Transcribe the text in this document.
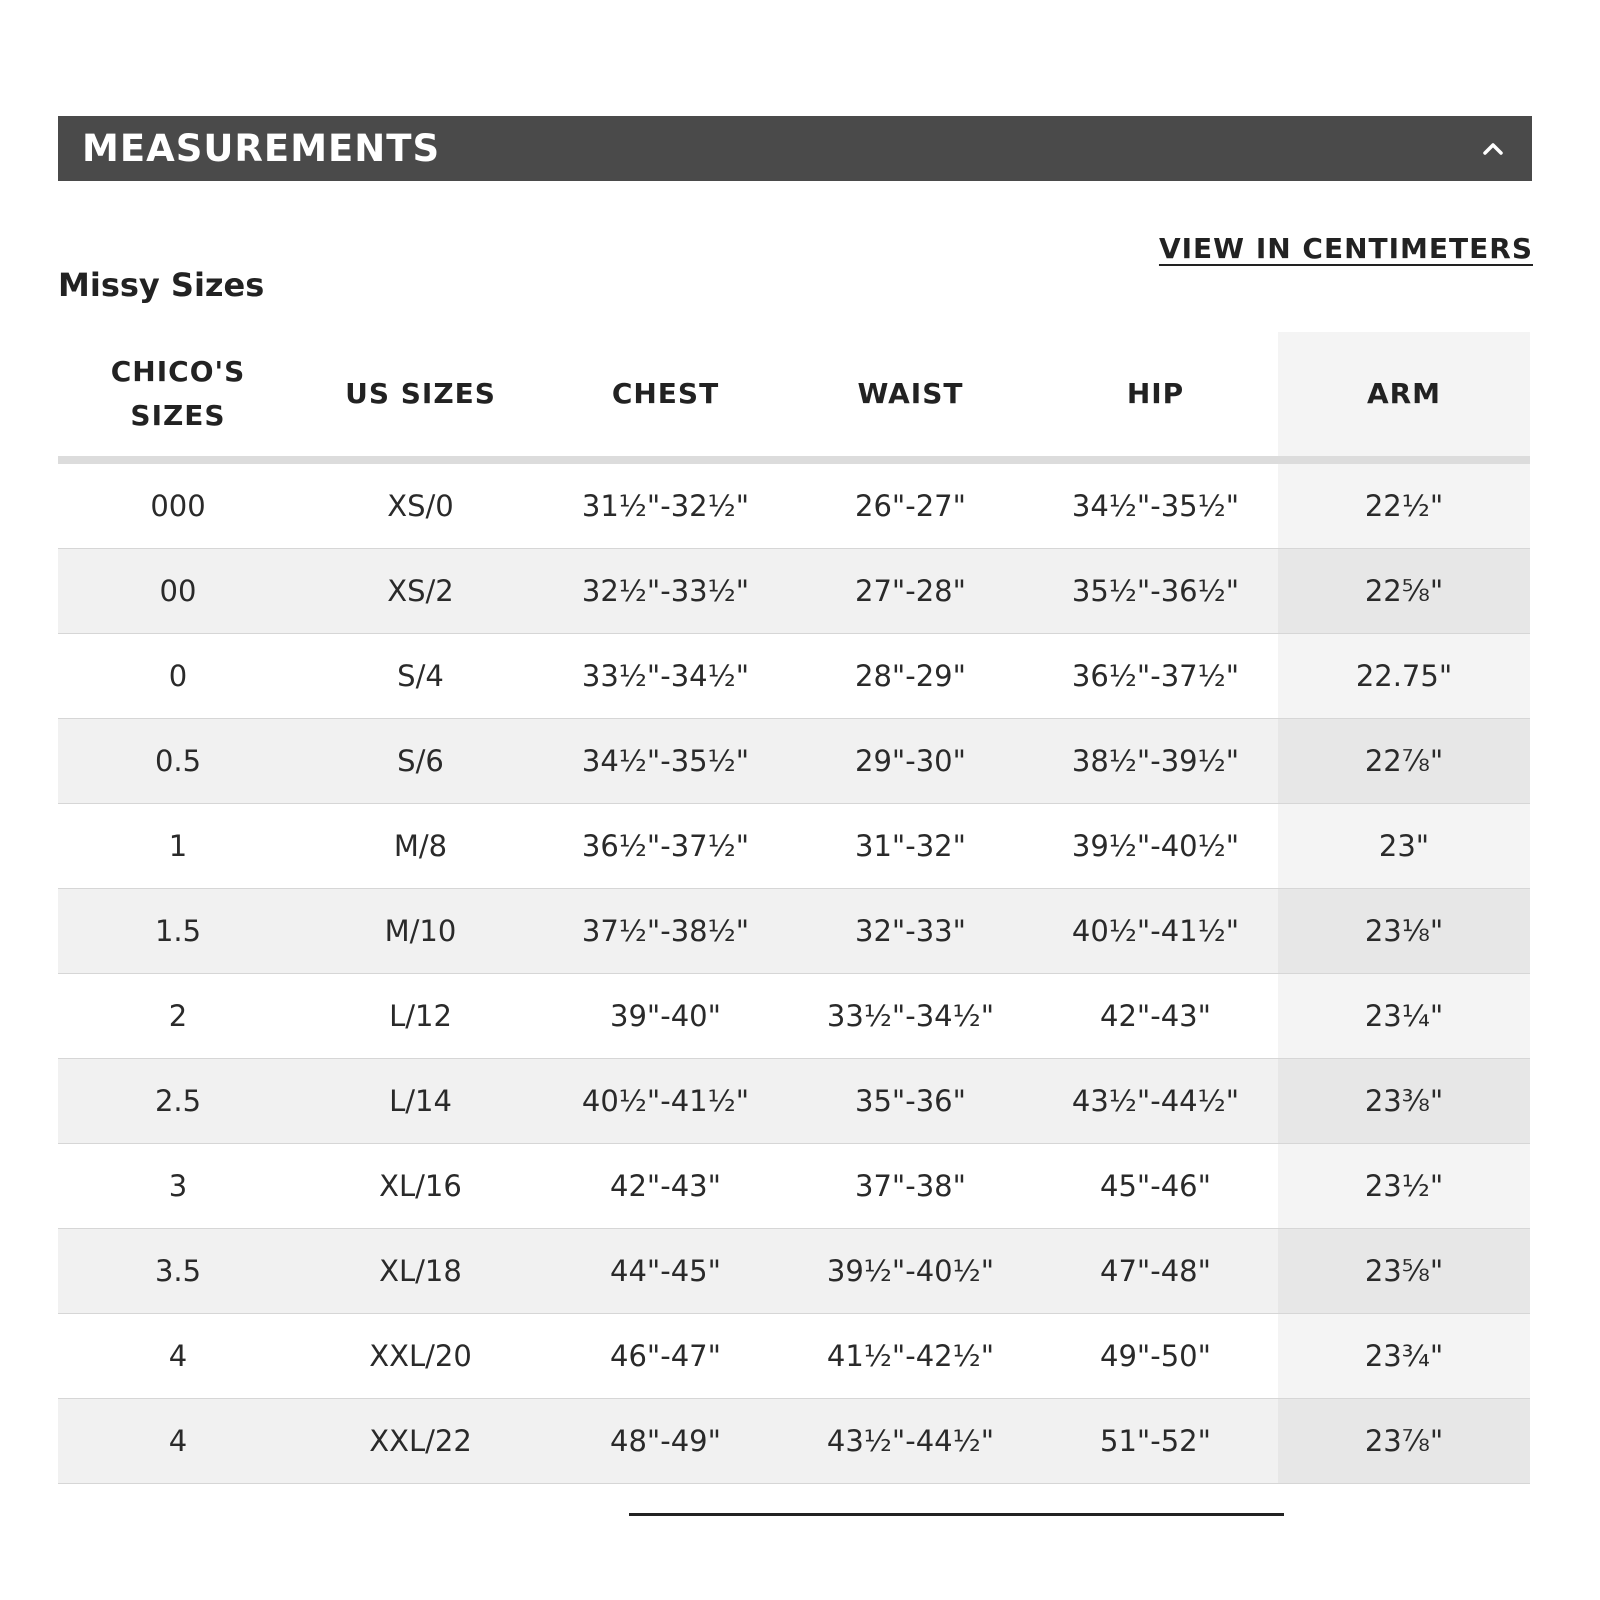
MEASUREMENTS
VIEW IN CENTIMETERS
Missy Sizes
CHICO'S SIZES	US SIZES	CHEST	WAIST	HIP	ARM
000	XS/0	31½"-32½"	26"-27"	34½"-35½"	22½"
00	XS/2	32½"-33½"	27"-28"	35½"-36½"	22⅝"
0	S/4	33½"-34½"	28"-29"	36½"-37½"	22.75"
0.5	S/6	34½"-35½"	29"-30"	38½"-39½"	22⅞"
1	M/8	36½"-37½"	31"-32"	39½"-40½"	23"
1.5	M/10	37½"-38½"	32"-33"	40½"-41½"	23⅛"
2	L/12	39"-40"	33½"-34½"	42"-43"	23¼"
2.5	L/14	40½"-41½"	35"-36"	43½"-44½"	23⅜"
3	XL/16	42"-43"	37"-38"	45"-46"	23½"
3.5	XL/18	44"-45"	39½"-40½"	47"-48"	23⅝"
4	XXL/20	46"-47"	41½"-42½"	49"-50"	23¾"
4	XXL/22	48"-49"	43½"-44½"	51"-52"	23⅞"
